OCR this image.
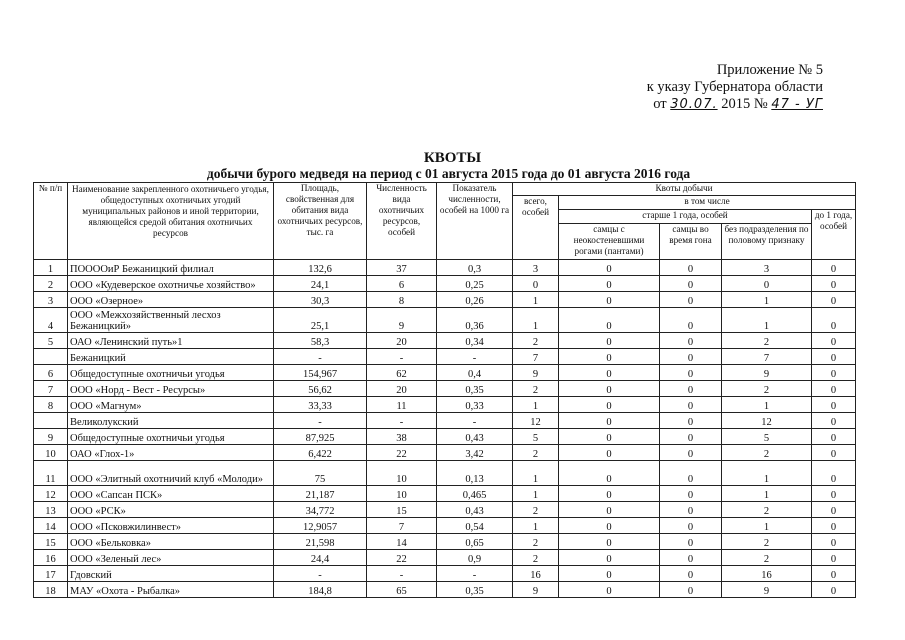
Приложение № 5
к указу Губернатора области
от 30.07. 2015 № 47 - УГ
КВОТЫ
добычи бурого медведя на период с 01 августа 2015 года до 01 августа 2016 года
№ п/п	Наименование закрепленного охотничьего угодья, общедоступных охотничьих угодий муниципальных районов и иной территории, являющейся средой обитания охотничьих ресурсов	Площадь, свойственная для обитания вида охотничьих ресурсов, тыс. га	Численность вида охотничьих ресурсов, особей	Показатель численности, особей на 1000 га	Квоты добычи				
					всего, особей	в том числе			
						старше 1 года, особей			до 1 года, особей
						самцы с неокостеневшими рогами (пантами)	самцы во время гона	без подразделения по половому признаку	
1	ПООООиР Бежаницкий филиал	132,6	37	0,3	3	0	0	3	0
2	ООО «Кудеверское охотничье хозяйство»	24,1	6	0,25	0	0	0	0	0
3	ООО «Озерное»	30,3	8	0,26	1	0	0	1	0
4	ООО «Межхозяйственный лесхоз Бежаницкий»	25,1	9	0,36	1	0	0	1	0
5	ОАО «Ленинский путь»1	58,3	20	0,34	2	0	0	2	0
	Бежаницкий	-	-	-	7	0	0	7	0
6	Общедоступные охотничьи угодья	154,967	62	0,4	9	0	0	9	0
7	ООО «Норд - Вест - Ресурсы»	56,62	20	0,35	2	0	0	2	0
8	ООО «Магнум»	33,33	11	0,33	1	0	0	1	0
	Великолукский	-	-	-	12	0	0	12	0
9	Общедоступные охотничьи угодья	87,925	38	0,43	5	0	0	5	0
10	ОАО «Глох-1»	6,422	22	3,42	2	0	0	2	0
11	ООО «Элитный охотничий клуб «Молоди»	75	10	0,13	1	0	0	1	0
12	ООО «Сапсан ПСК»	21,187	10	0,465	1	0	0	1	0
13	ООО «РСК»	34,772	15	0,43	2	0	0	2	0
14	ООО «Псковжилинвест»	12,9057	7	0,54	1	0	0	1	0
15	ООО «Бельковка»	21,598	14	0,65	2	0	0	2	0
16	ООО «Зеленый лес»	24,4	22	0,9	2	0	0	2	0
17	Гдовский	-	-	-	16	0	0	16	0
18	МАУ «Охота - Рыбалка»	184,8	65	0,35	9	0	0	9	0
